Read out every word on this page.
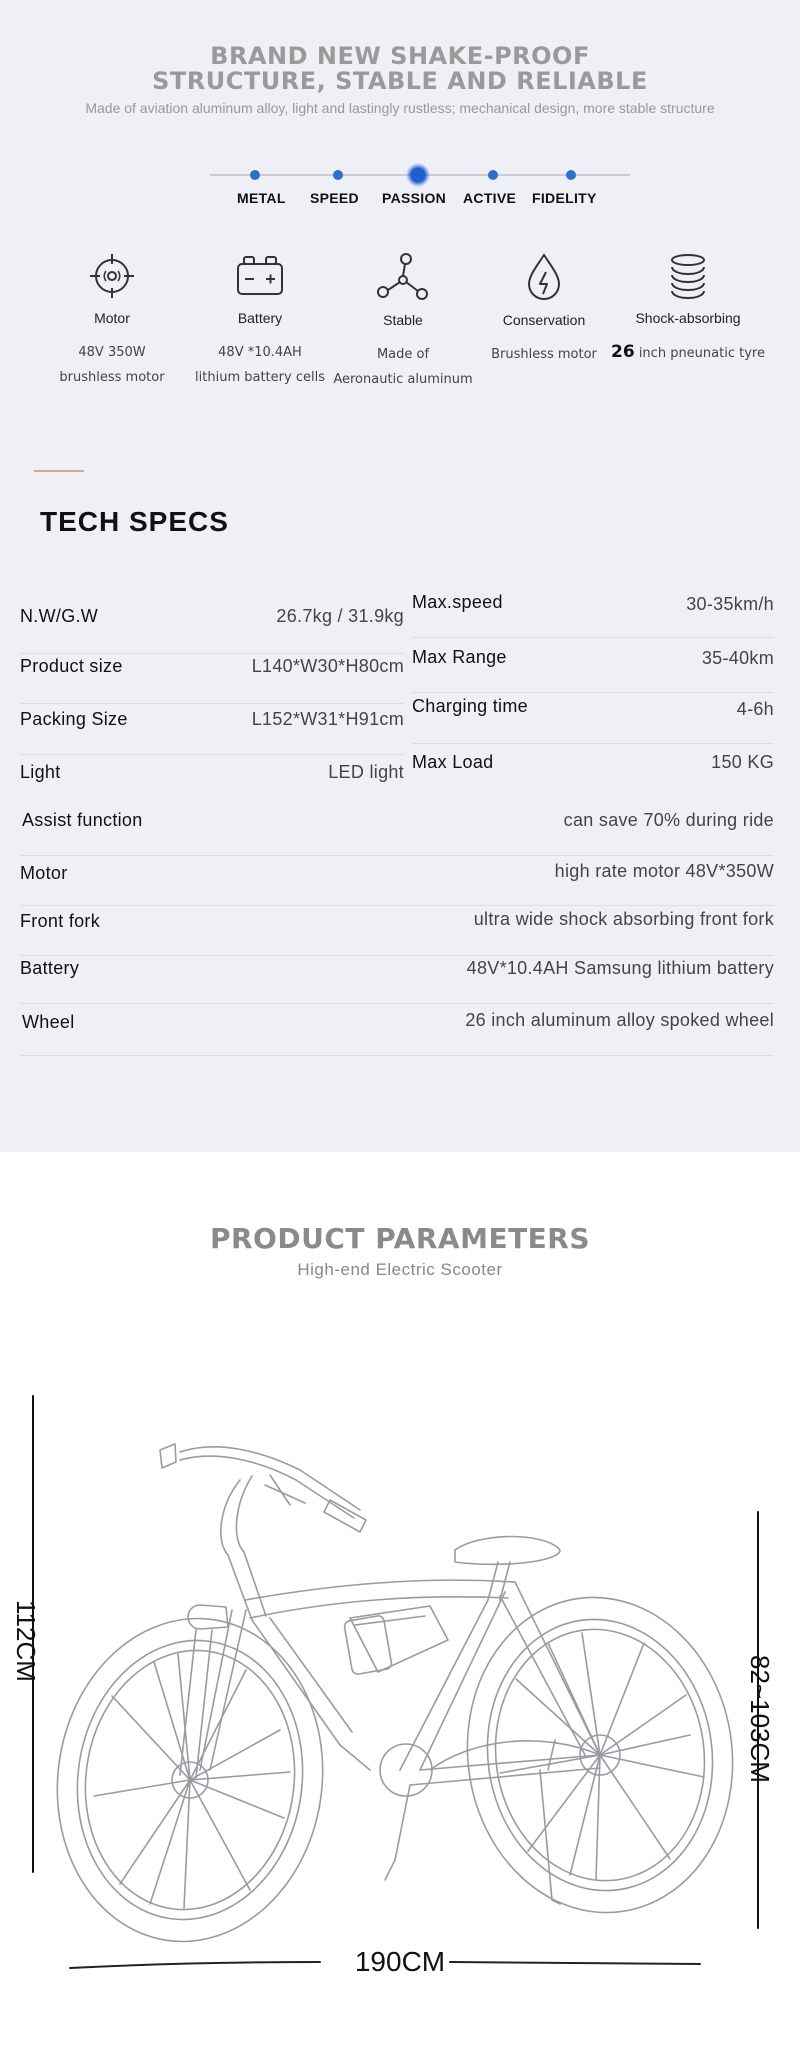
BRAND NEW SHAKE-PROOF
STRUCTURE, STABLE AND RELIABLE
Made of aviation aluminum alloy, light and lastingly rustless; mechanical design, more stable structure
METAL SPEED PASSION ACTIVE FIDELITY
Motor
48V 350W
brushless motor
Battery
48V *10.4AH
lithium battery cells
Stable
Made of
Aeronautic aluminum
Conservation
Brushless motor
Shock-absorbing
26 inch pneunatic tyre
TECH SPECS
N.W/G.W	26.7kg / 31.9kg
Product size	L140*W30*H80cm
Packing Size	L152*W31*H91cm
Light	LED light
Max.speed	30-35km/h
Max Range	35-40km
Charging time	4-6h
Max Load	150 KG
Assist function	can save 70% during ride
Motor	high rate motor 48V*350W
Front fork	ultra wide shock absorbing front fork
Battery	48V*10.4AH Samsung lithium battery
Wheel	26 inch aluminum alloy spoked wheel
PRODUCT PARAMETERS
High-end Electric Scooter
112CM
82~103CM
190CM
